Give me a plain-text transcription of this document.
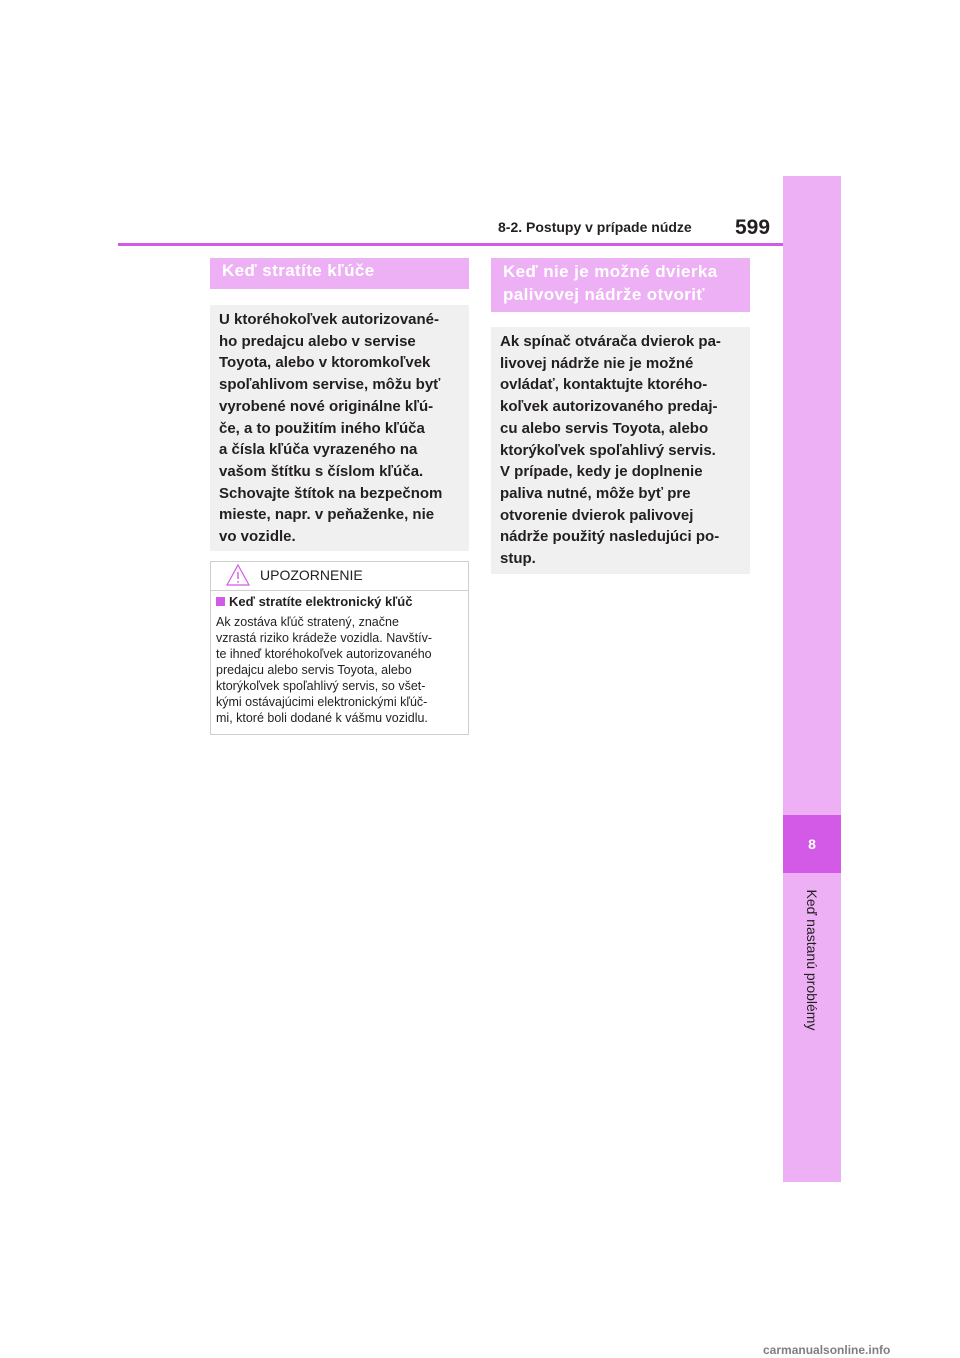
8
Keď nastanú problémy
8-2. Postupy v prípade núdze 599
Keď stratíte kľúče
U ktoréhokoľvek autorizované-
ho predajcu alebo v servise
Toyota, alebo v ktoromkoľvek
spoľahlivom servise, môžu byť
vyrobené nové originálne kľú-
če, a to použitím iného kľúča
a čísla kľúča vyrazeného na
vašom štítku s číslom kľúča.
Schovajte štítok na bezpečnom
mieste, napr. v peňaženke, nie
vo vozidle.
UPOZORNENIE
Keď stratíte elektronický kľúč
Ak zostáva kľúč stratený, značne
vzrastá riziko krádeže vozidla. Navštív-
te ihneď ktoréhokoľvek autorizovaného
predajcu alebo servis Toyota, alebo
ktorýkoľvek spoľahlivý servis, so všet-
kými ostávajúcimi elektronickými kľúč-
mi, ktoré boli dodané k vášmu vozidlu.
Keď nie je možné dvierka
palivovej nádrže otvoriť
Ak spínač otvárača dvierok pa-
livovej nádrže nie je možné
ovládať, kontaktujte ktorého-
koľvek autorizovaného predaj-
cu alebo servis Toyota, alebo
ktorýkoľvek spoľahlivý servis.
V prípade, kedy je doplnenie
paliva nutné, môže byť pre
otvorenie dvierok palivovej
nádrže použitý nasledujúci po-
stup.
carmanualsonline.info
